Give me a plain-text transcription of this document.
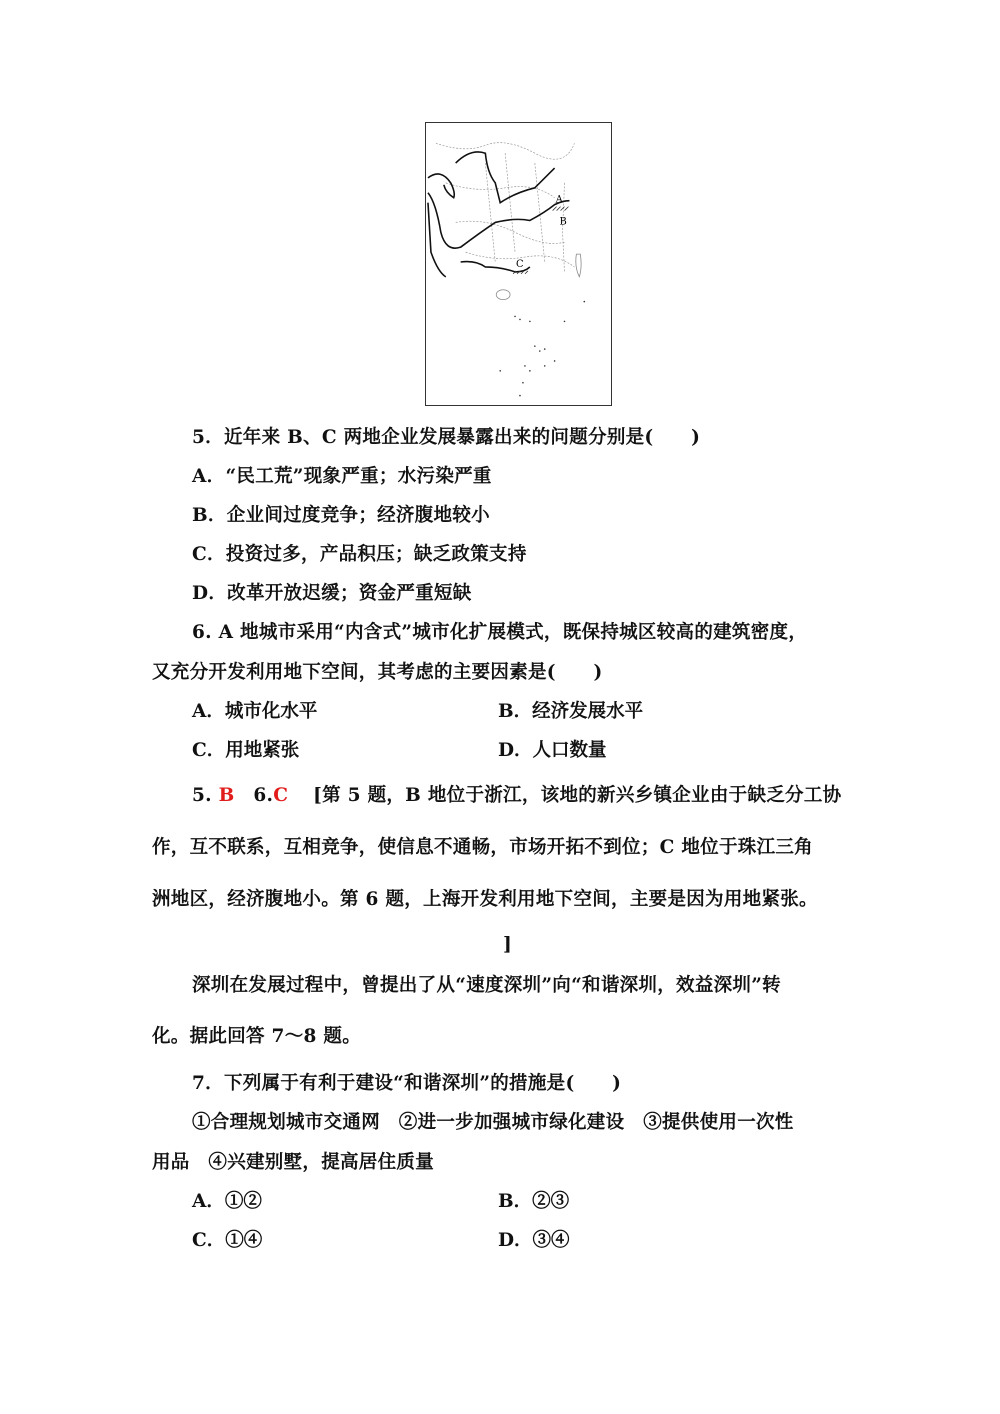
A
B
C
5．近年来 B、C 两地企业发展暴露出来的问题分别是(　　)
A．“民工荒”现象严重；水污染严重
B．企业间过度竞争；经济腹地较小
C．投资过多，产品积压；缺乏政策支持
D．改革开放迟缓；资金严重短缺
6. A 地城市采用“内含式”城市化扩展模式，既保持城区较高的建筑密度，
又充分开发利用地下空间，其考虑的主要因素是(　　)
A．城市化水平	B．经济发展水平
C．用地紧张	D．人口数量
5. B 6.C [第 5 题，B 地位于浙江，该地的新兴乡镇企业由于缺乏分工协
作，互不联系，互相竞争，使信息不通畅，市场开拓不到位；C 地位于珠江三角
洲地区，经济腹地小。第 6 题，上海开发利用地下空间，主要是因为用地紧张。
]
深圳在发展过程中，曾提出了从“速度深圳”向“和谐深圳，效益深圳”转
化。据此回答 7～8 题。
7．下列属于有利于建设“和谐深圳”的措施是(　　)
①合理规划城市交通网　②进一步加强城市绿化建设　③提供使用一次性
用品　④兴建别墅，提高居住质量
A．①②	B．②③
C．①④	D．③④
